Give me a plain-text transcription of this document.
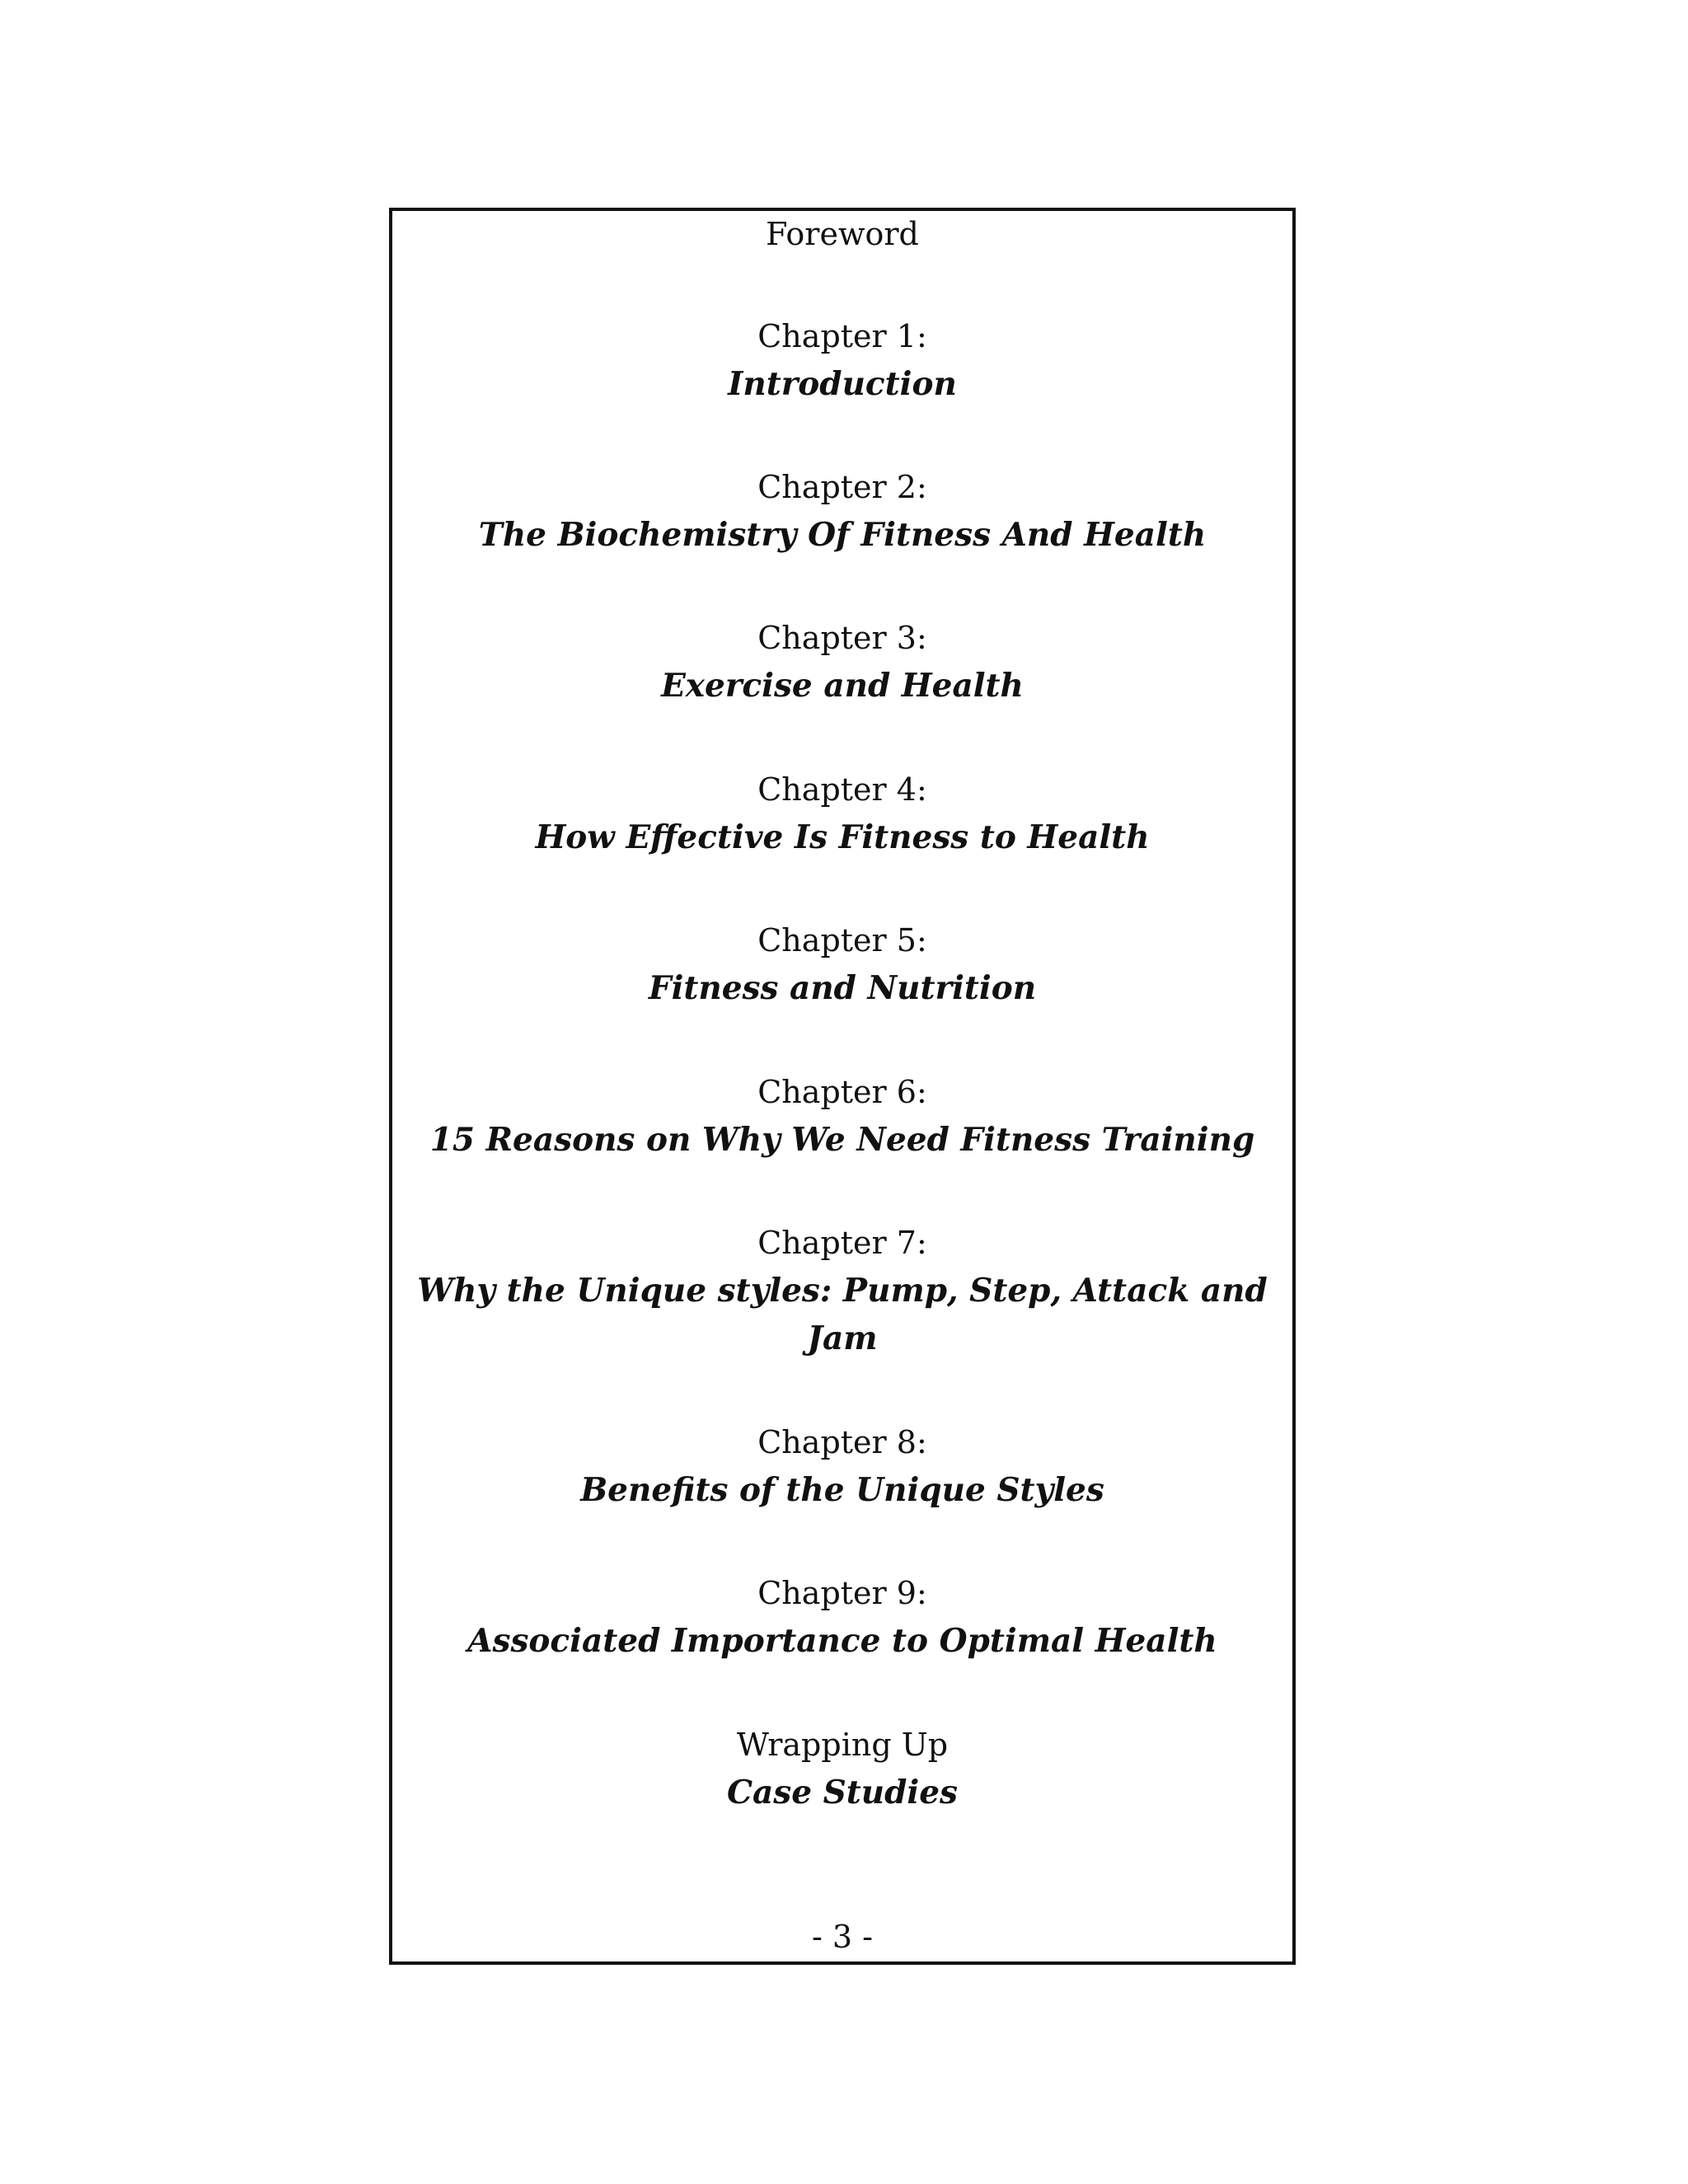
Foreword
Chapter 1:
Introduction
Chapter 2:
The Biochemistry Of Fitness And Health
Chapter 3:
Exercise and Health
Chapter 4:
How Effective Is Fitness to Health
Chapter 5:
Fitness and Nutrition
Chapter 6:
15 Reasons on Why We Need Fitness Training
Chapter 7:
Why the Unique styles: Pump, Step, Attack and
Jam
Chapter 8:
Benefits of the Unique Styles
Chapter 9:
Associated Importance to Optimal Health
Wrapping Up
Case Studies
- 3 -
